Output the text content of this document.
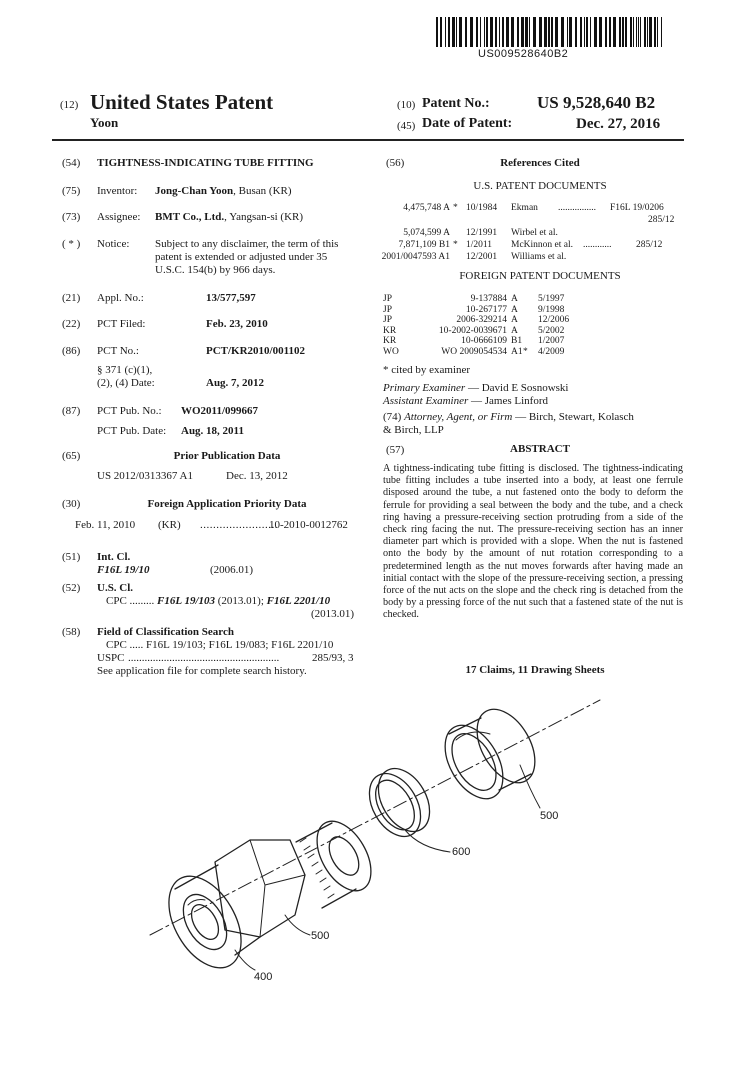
US009528640B2
(12) United States Patent
Yoon
(10) Patent No.:	US 9,528,640 B2
(45) Date of Patent:	Dec. 27, 2016
(54) TIGHTNESS-INDICATING TUBE FITTING
(75) Inventor: Jong-Chan Yoon, Busan (KR)
(73) Assignee: BMT Co., Ltd., Yangsan-si (KR)
( * ) Notice: Subject to any disclaimer, the term of this
patent is extended or adjusted under 35
U.S.C. 154(b) by 966 days.
(21) Appl. No.:	13/577,597
(22) PCT Filed:	Feb. 23, 2010
(86) PCT No.:	PCT/KR2010/001102
§ 371 (c)(1),
(2), (4) Date:	Aug. 7, 2012
(87) PCT Pub. No.: WO2011/099667
PCT Pub. Date: Aug. 18, 2011
(65)	Prior Publication Data
US 2012/0313367 A1	Dec. 13, 2012
(30)	Foreign Application Priority Data
Feb. 11, 2010 (KR) ........................
10-2010-0012762
(51) Int. Cl.
F16L 19/10	(2006.01)
(52) U.S. Cl.
CPC ......... F16L 19/103 (2013.01); F16L 2201/10
(2013.01)
(58) Field of Classification Search
CPC ..... F16L 19/103; F16L 19/083; F16L 2201/10
USPC .......................................................	285/93, 3
See application file for complete search history.
(56)	References Cited
U.S. PATENT DOCUMENTS
4,475,748 A * 10/1984 Ekman ................ F16L 19/0206
285/12
5,074,599 A 12/1991 Wirbel et al.
7,871,109 B1 * 1/2011 McKinnon et al. ............	285/12
2001/0047593 A1 12/2001 Williams et al.
FOREIGN PATENT DOCUMENTS
JP	9-137884 A 5/1997
JP	10-267177 A 9/1998
JP	2006-329214 A 12/2006
KR	10-2002-0039671 A 5/2002
KR	10-0666109 B1 1/2007
WO	WO 2009054534 A1 * 4/2009
* cited by examiner
Primary Examiner — David E Sosnowski
Assistant Examiner — James Linford
(74) Attorney, Agent, or Firm — Birch, Stewart, Kolasch
& Birch, LLP
(57)	ABSTRACT
A tightness-indicating tube fitting is disclosed. The tightness-indicating tube fitting includes a tube inserted into a body, at least one ferrule disposed around the tube, a nut fastened onto the body to deform the ferrule for providing a seal between the body and the tube, and a check ring having a pressure-receiving section protruding from a side of the check ring facing the nut. The pressure-receiving section has an inner diameter part which is provided with a slope. When the nut is fastened onto the body by the amount of nut rotation corresponding to a predetermined length as the nut moves forwards after having made an initial contact with the slope of the pressure-receiving section, a pressing force of the nut acts on the slope and the check ring is detached from the body by a pressing force of the nut such that a fastened state of the nut is checked.
17 Claims, 11 Drawing Sheets
500
600
500
400
